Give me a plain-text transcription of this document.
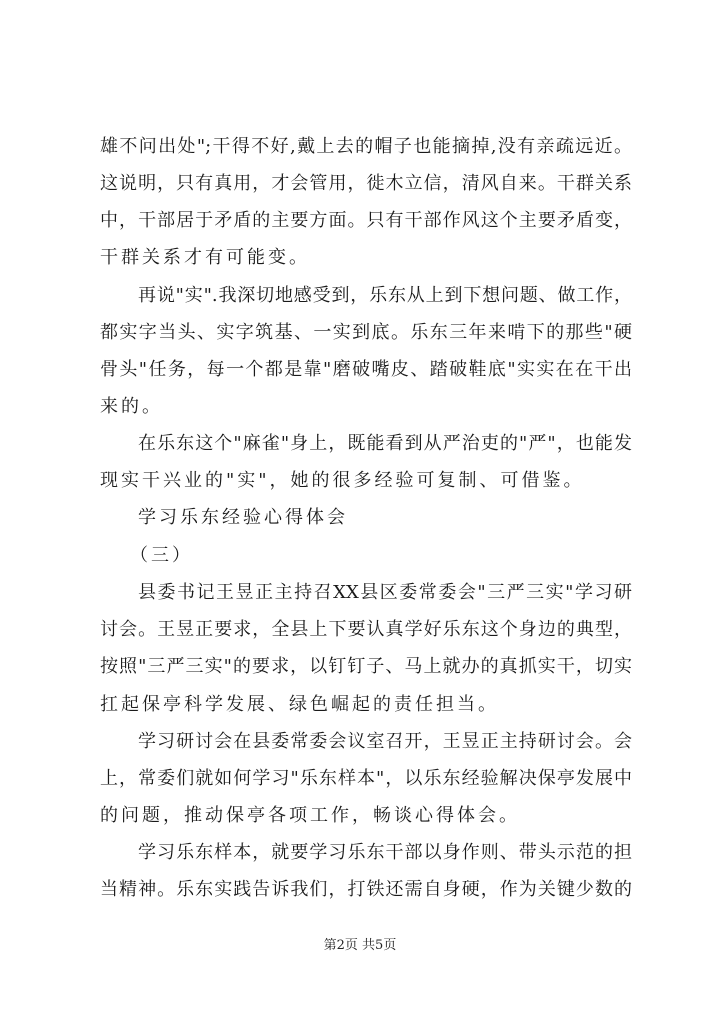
雄不问出处";干得不好,戴上去的帽子也能摘掉,没有亲疏远近。
这说明，只有真用，才会管用，徙木立信，清风自来。干群关系
中，干部居于矛盾的主要方面。只有干部作风这个主要矛盾变，
干群关系才有可能变。
再说"实".我深切地感受到，乐东从上到下想问题、做工作，
都实字当头、实字筑基、一实到底。乐东三年来啃下的那些"硬
骨头"任务，每一个都是靠"磨破嘴皮、踏破鞋底"实实在在干出
来的。
在乐东这个"麻雀"身上，既能看到从严治吏的"严"，也能发
现实干兴业的"实"，她的很多经验可复制、可借鉴。
学习乐东经验心得体会
（三）
县委书记王昱正主持召XX县区委常委会"三严三实"学习研
讨会。王昱正要求，全县上下要认真学好乐东这个身边的典型，
按照"三严三实"的要求，以钉钉子、马上就办的真抓实干，切实
扛起保亭科学发展、绿色崛起的责任担当。
学习研讨会在县委常委会议室召开，王昱正主持研讨会。会
上，常委们就如何学习"乐东样本"，以乐东经验解决保亭发展中
的问题，推动保亭各项工作，畅谈心得体会。
学习乐东样本，就要学习乐东干部以身作则、带头示范的担
当精神。乐东实践告诉我们，打铁还需自身硬，作为关键少数的
第2页 共5页
